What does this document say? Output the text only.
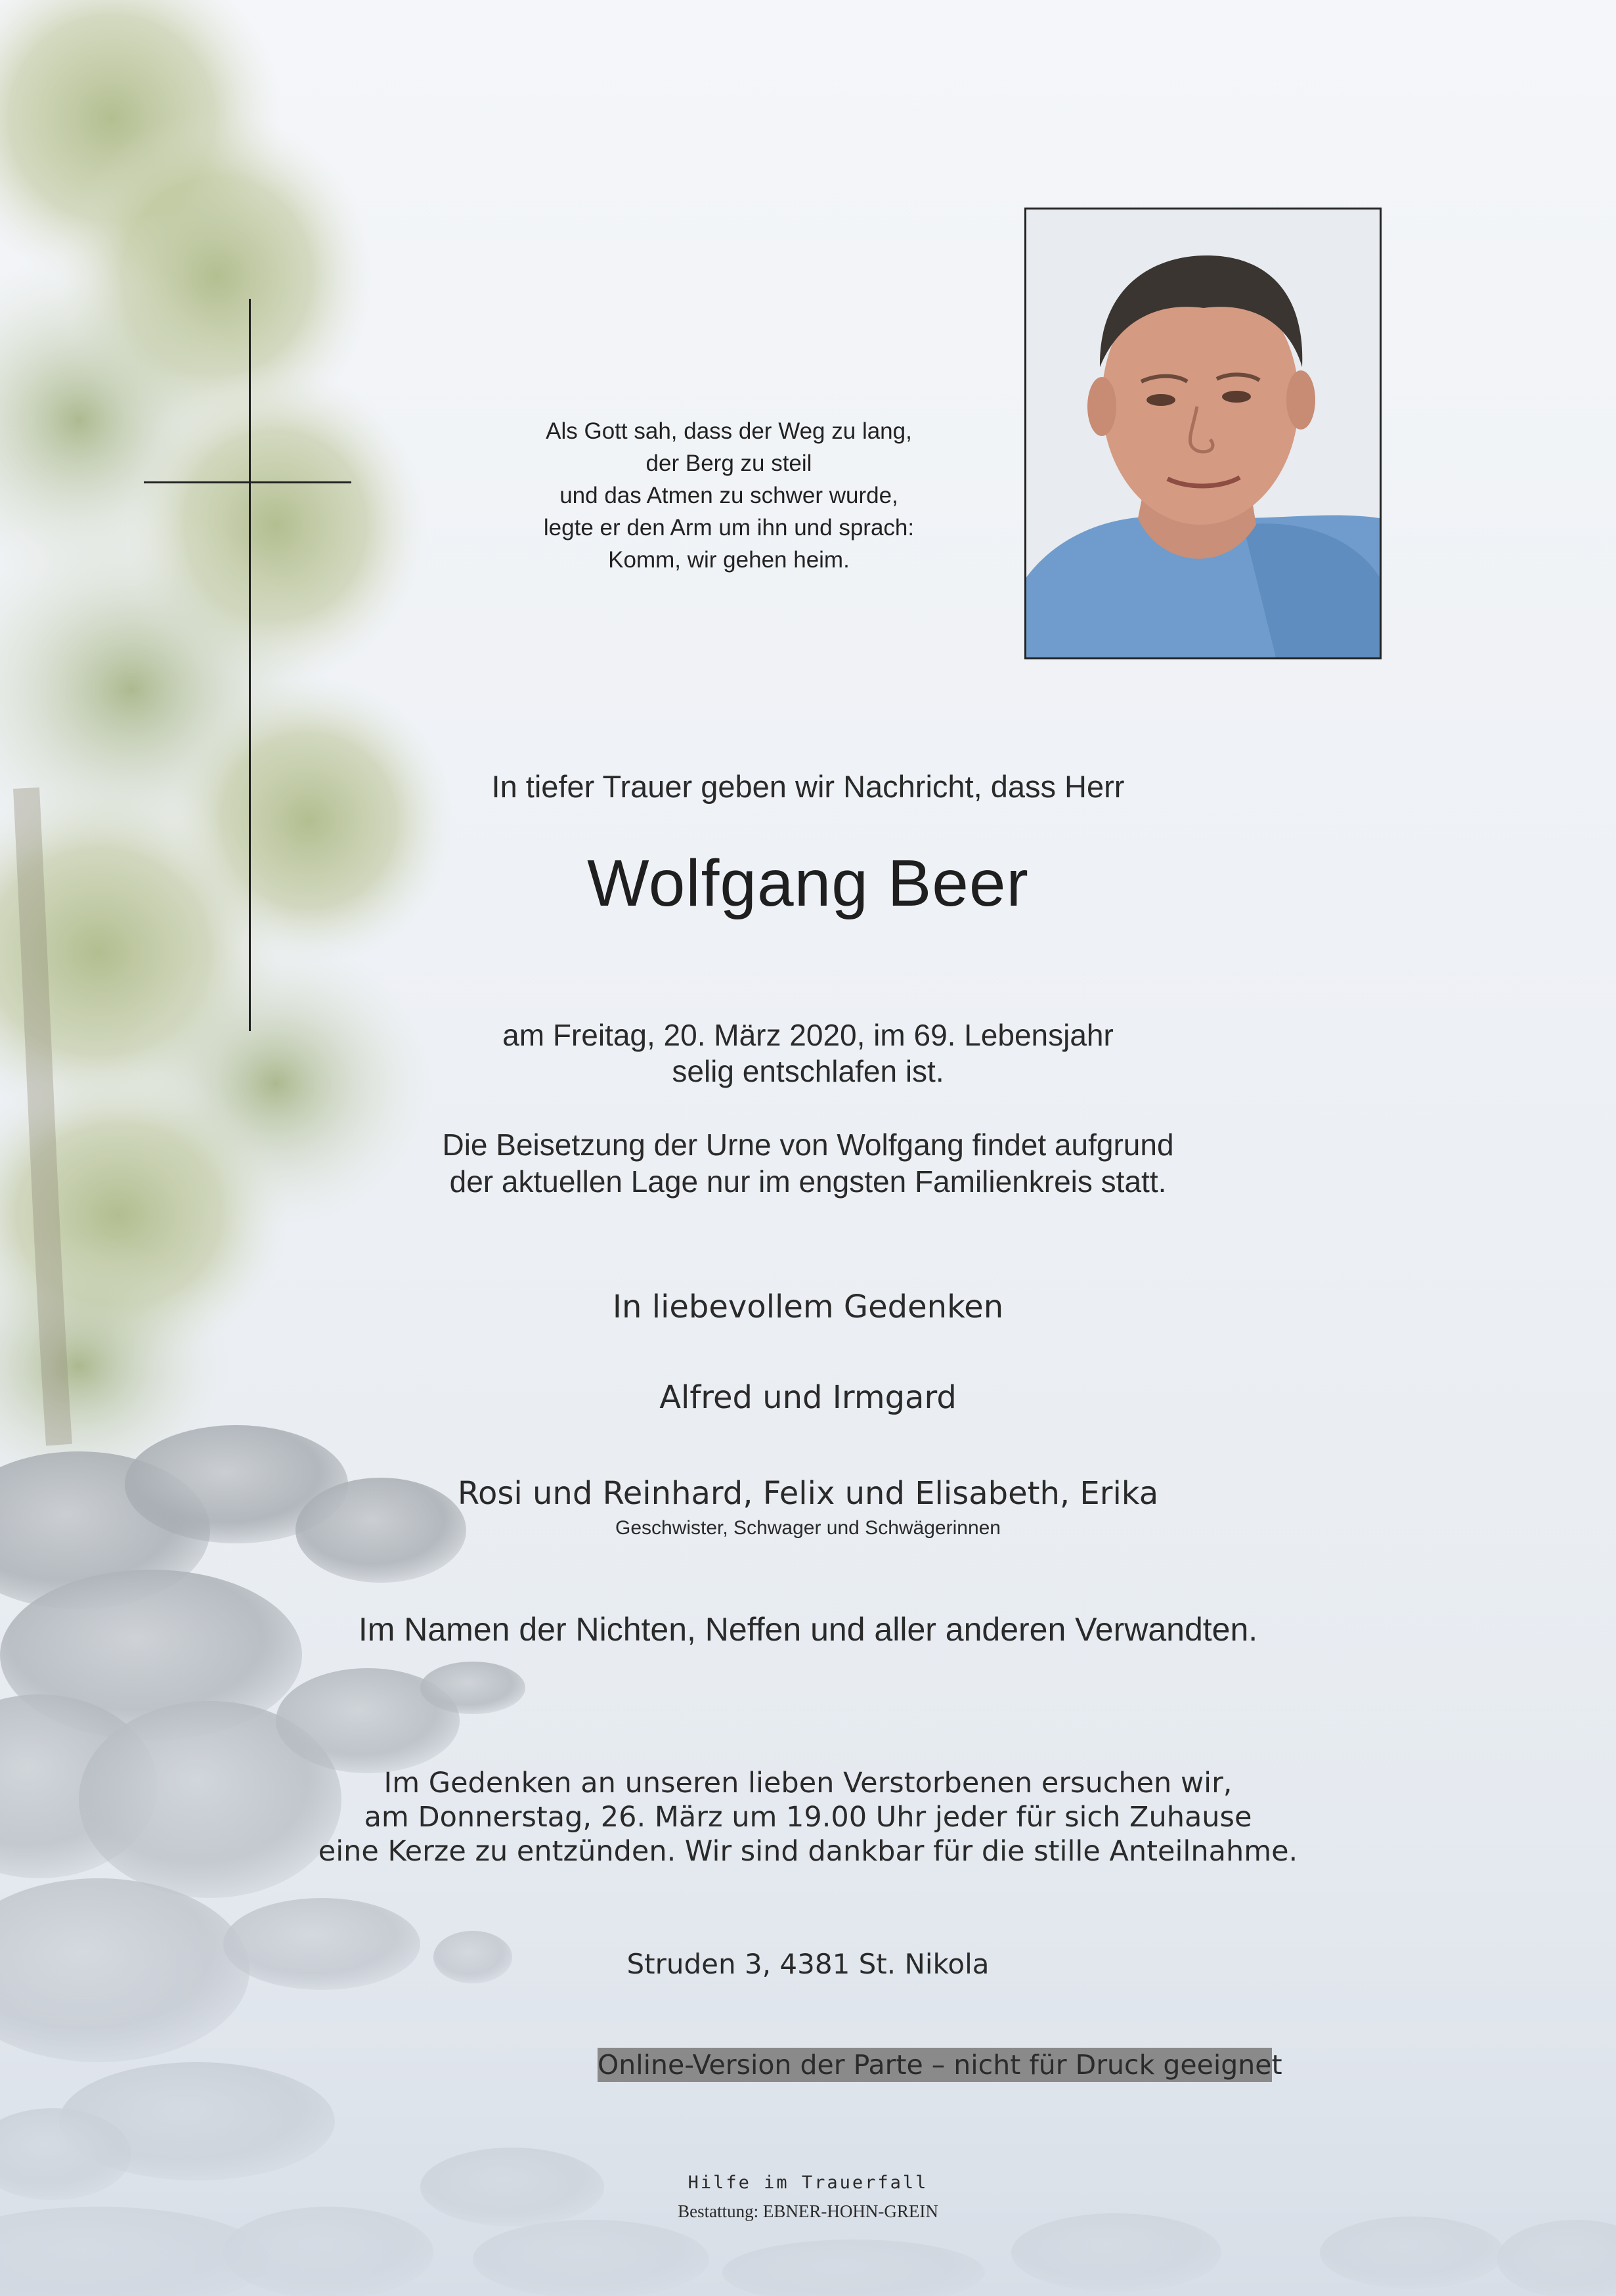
Als Gott sah, dass der Weg zu lang,
der Berg zu steil
und das Atmen zu schwer wurde,
legte er den Arm um ihn und sprach:
Komm, wir gehen heim.
In tiefer Trauer geben wir Nachricht, dass Herr
Wolfgang Beer
am Freitag, 20. März 2020, im 69. Lebensjahr
selig entschlafen ist.
Die Beisetzung der Urne von Wolfgang findet aufgrund
der aktuellen Lage nur im engsten Familienkreis statt.
In liebevollem Gedenken
Alfred und Irmgard
Rosi und Reinhard, Felix und Elisabeth, Erika
Geschwister, Schwager und Schwägerinnen
Im Namen der Nichten, Neffen und aller anderen Verwandten.
Im Gedenken an unseren lieben Verstorbenen ersuchen wir,
am Donnerstag, 26. März um 19.00 Uhr jeder für sich Zuhause
eine Kerze zu entzünden. Wir sind dankbar für die stille Anteilnahme.
Struden 3, 4381 St. Nikola
Online-Version der Parte – nicht für Druck geeignet
Hilfe im Trauerfall
Bestattung: EBNER-HOHN-GREIN
